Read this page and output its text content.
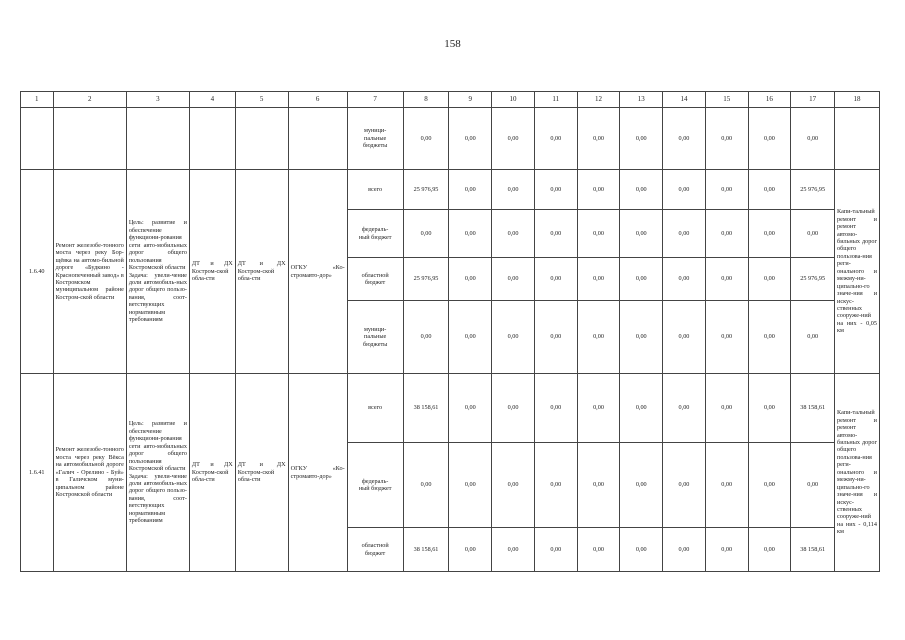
158
1	2	3	4	5	6	7	8	9	10	11	12	13	14	15	16	17	18
						муници-
пальные
бюджеты	0,00	0,00	0,00	0,00	0,00	0,00	0,00	0,00	0,00	0,00	
1.6.40	Ремонт железобе-тонного моста через реку Бор-щёвка на автомо-бильной дороге «Будкино - Краснопеченный завод» в Костромском муниципальном районе Костром-ской области	Цель: развитие и обеспечение функциони-рования сети авто-мобильных дорог общего пользования Костромской области
Задача: увели-чение доли автомобиль-ных дорог общего пользо-вания, соот-ветствующих нормативным требованиям	ДТ и ДХ Костром-ской обла-сти	ДТ и ДХ Костром-ской обла-сти	ОГКУ «Ко-стромавто-дор»	всего	25 976,95	0,00	0,00	0,00	0,00	0,00	0,00	0,00	0,00	25 976,95	Капи-тальный ремонт и ремонт автомо-бильных дорог общего пользова-ния реги-онального и межму-ни-ципально-го значе-ния и искус-ственных сооруже-ний на них - 0,05 км
						федераль-
ный бюджет	0,00	0,00	0,00	0,00	0,00	0,00	0,00	0,00	0,00	0,00	
						областной
бюджет	25 976,95	0,00	0,00	0,00	0,00	0,00	0,00	0,00	0,00	25 976,95	
						муници-
пальные
бюджеты	0,00	0,00	0,00	0,00	0,00	0,00	0,00	0,00	0,00	0,00	
1.6.41	Ремонт железобе-тонного моста через реку Вёкса на автомобильной дороге «Галич - Орелино - Буй» в Галичском муни-ципальном районе Костромской области	Цель: развитие и обеспечение функциони-рования сети авто-мобильных дорог общего пользования Костромской области
Задача: увели-чение доли автомобиль-ных дорог общего пользо-вания, соот-ветствующих нормативным требованиям	ДТ и ДХ Костром-ской обла-сти	ДТ и ДХ Костром-ской обла-сти	ОГКУ «Ко-стромавто-дор»	всего	38 158,61	0,00	0,00	0,00	0,00	0,00	0,00	0,00	0,00	38 158,61	Капи-тальный ремонт и ремонт автомо-бильных дорог общего пользова-ния реги-онального и межму-ни-ципально-го значе-ния и искус-ственных сооруже-ний на них - 0,114 км
						федераль-
ный бюджет	0,00	0,00	0,00	0,00	0,00	0,00	0,00	0,00	0,00	0,00	
						областной
бюджет	38 158,61	0,00	0,00	0,00	0,00	0,00	0,00	0,00	0,00	38 158,61	
